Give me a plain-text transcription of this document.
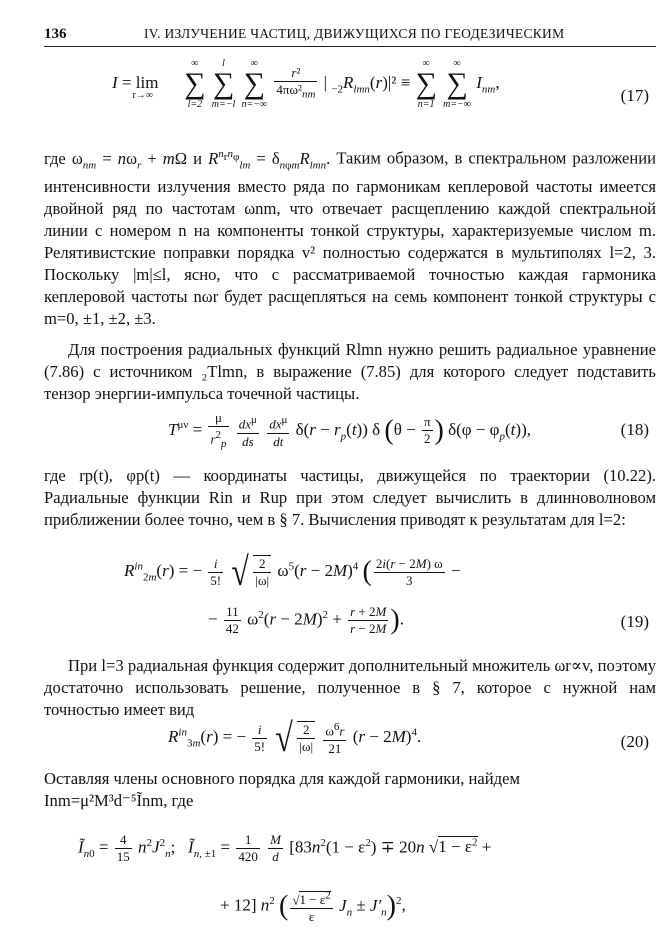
136	IV. ИЗЛУЧЕНИЕ ЧАСТИЦ, ДВИЖУЩИХСЯ ПО ГЕОДЕЗИЧЕСКИМ
$I = \lim_{r\to\infty}$
∞
∑
l=2

l
∑
m=−l

∞
∑
n=−∞

$\frac{\text{r²}}{4\pi\omega^2_{nm}}$ | $_{-2}R_{lmn}(r)|^2$ ≡
∞
∑
n=1

∞
∑
m=−∞
$I_{nm}$,
(17)
где $\omega_{nm} = n\omega_r + m\Omega$ и $R^{n_rn_\varphi}_{lm} = \delta_{n\varphi m}R_{lmn}$. Таким образом, в спектральном разложении интенсивности излучения вместо ряда по гармоникам кеплеровой частоты имеется двойной ряд по частотам ωnm, что отвечает расщеплению каждой спектральной линии с номером n на компоненты тонкой структуры, характеризуемые числом m. Релятивистские поправки порядка v² полностью содержатся в мультиполях l=2, 3. Поскольку |m|≤l, ясно, что с рассматриваемой точностью каждая гармоника кеплеровой частоты nωr будет расщепляться на семь компонент тонкой структуры с m=0, ±1, ±2, ±3.
Для построения радиальных функций Rlmn нужно решить радиальное уравнение (7.86) с источником ₂Tlmn, в выражение (7.85) для которого следует подставить тензор энергии-импульса точечной частицы.
$T^{\mu\nu} = \frac{\mu}{r^2_p}$
$\frac{dx^\mu}{ds}$
$\frac{dx^\mu}{dt} \delta(r - r_p(t))$ δ ($\theta - \frac{\pi}{2}$ ) $\delta(\varphi - \varphi_p(t))$,	(18)
где rp(t), φp(t) — координаты частицы, движущейся по траектории (10.22). Радиальные функции Rin и Rup при этом следует вычислить в длинноволновом приближении более точно, чем в § 7. Вычисления приводят к результатам для l=2:
$R^{in}_{2m}(r)$ = − $\frac{i}{5!}$ √ $\frac{2}{|\omega|} \omega^5(r - 2M)^4$ ( $\frac{2i(r - 2M) \omega}{3}$ −
− $\frac{11}{42} \omega^2(r - 2M)^2 + \frac{r + 2M}{r - 2M}$ ).	(19)
При l=3 радиальная функция содержит дополнительный множитель ωr∝v, поэтому достаточно использовать решение, полученное в § 7, которое с нужной нам точностью имеет вид
$R^{in}_{3m}(r)$ = − $\frac{i}{5!}$ √ $\frac{2}{|\omega|}$
$\frac{\omega^6r}{21} (r - 2M)^4$.	(20)
Оставляя члены основного порядка для каждой гармоники, найдем
Inm=μ²M³d⁻⁵Ĩnm, где
$Ĩ_{n0} = \frac{4}{15} n^2J^2_n$;   $Ĩ_{n, \pm 1} = \frac{1}{420}$
$\frac{M}{d} [83n^2(1 - \varepsilon^2) \mp 20n$ $√1 - \varepsilon^2$ +
+ 12] $n^2$ ( $\frac{√1 - \varepsilon^2}{\varepsilon} J_n \pm J'_n)^2$,
